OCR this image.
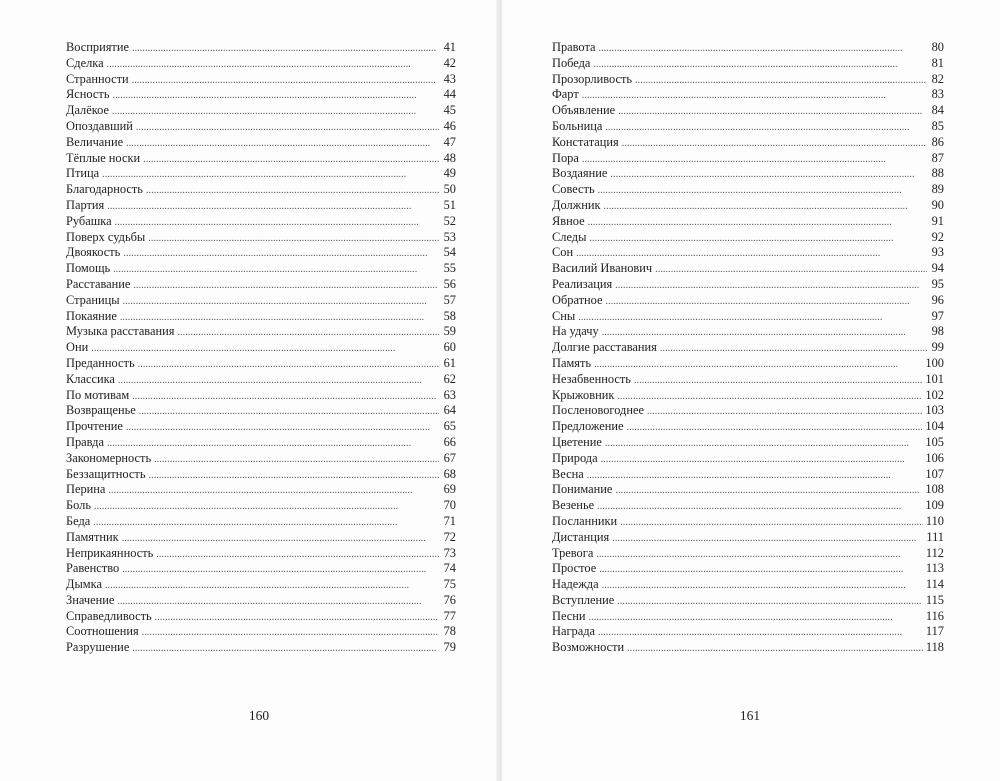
Восприятие . . .	41
Сделка . . .	42
Странности . . .	43
Ясность . . .	44
Далёкое . . .	45
Опоздавший . . .	46
Величание . . .	47
Тёплые носки . . .	48
Птица . . .	49
Благодарность . . .	50
Партия . . .	51
Рубашка . . .	52
Поверх судьбы . . .	53
Двоякость . . .	54
Помощь . . .	55
Расставание . . .	56
Страницы . . .	57
Покаяние . . .	58
Музыка расставания . . .	59
Они . . .	60
Преданность . . .	61
Классика . . .	62
По мотивам . . .	63
Возвращенье . . .	64
Прочтение . . .	65
Правда . . .	66
Закономерность . . .	67
Беззащитность . . .	68
Перина . . .	69
Боль . . .	70
Беда . . .	71
Памятник . . .	72
Неприкаянность . . .	73
Равенство . . .	74
Дымка . . .	75
Значение . . .	76
Справедливость . . .	77
Соотношения . . .	78
Разрушение . . .	79
160
Правота . . .	80
Победа . . .	81
Прозорливость . . .	82
Фарт . . .	83
Объявление . . .	84
Больница . . .	85
Констатация . . .	86
Пора . . .	87
Воздаяние . . .	88
Совесть . . .	89
Должник . . .	90
Явное . . .	91
Следы . . .	92
Сон . . .	93
Василий Иванович . . .	94
Реализация . . .	95
Обратное . . .	96
Сны . . .	97
На удачу . . .	98
Долгие расставания . . .	99
Память . . .	100
Незабвенность . . .	101
Крыжовник . . .	102
Посленовогоднее . . .	103
Предложение . . .	104
Цветение . . .	105
Природа . . .	106
Весна . . .	107
Понимание . . .	108
Везенье . . .	109
Посланники . . .	110
Дистанция . . .	111
Тревога . . .	112
Простое . . .	113
Надежда . . .	114
Вступление . . .	115
Песни . . .	116
Награда . . .	117
Возможности . . .	118
161
